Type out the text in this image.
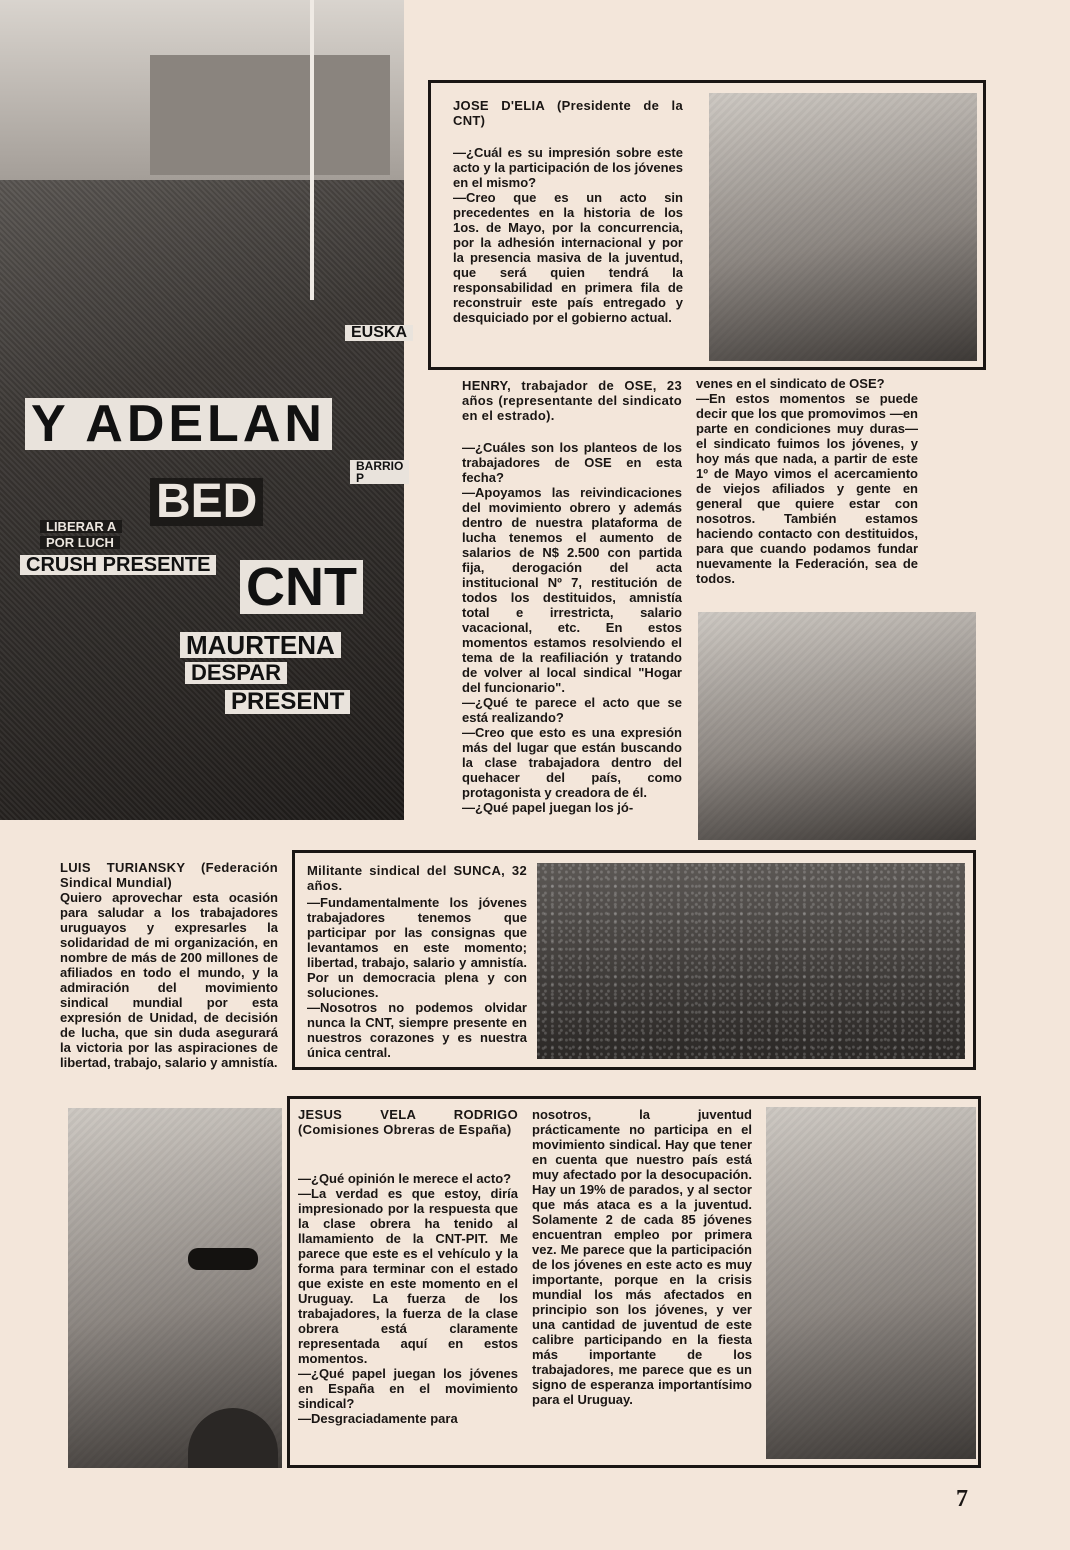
Y ADELAN
BED
CNT
CRUSH PRESENTE
MAURTENA
DESPAR
PRESENT
LIBERAR A
POR LUCH
EUSKA
BARRIO P
JOSE D'ELIA (Presidente de la CNT)
—¿Cuál es su impresión sobre este acto y la participación de los jóvenes en el mismo?
—Creo que es un acto sin precedentes en la historia de los 1os. de Mayo, por la concurrencia, por la adhesión internacional y por la presencia masiva de la juventud, que será quien tendrá la responsabilidad en primera fila de reconstruir este país entregado y desquiciado por el gobierno actual.
HENRY, trabajador de OSE, 23 años (representante del sindicato en el estrado).
—¿Cuáles son los planteos de los trabajadores de OSE en esta fecha?
—Apoyamos las reivindicaciones del movimiento obrero y además dentro de nuestra plataforma de lucha tenemos el aumento de salarios de N$ 2.500 con partida fija, derogación del acta institucional Nº 7, restitución de todos los destituidos, amnistía total e irrestricta, salario vacacional, etc. En estos momentos estamos resolviendo el tema de la reafiliación y tratando de volver al local sindical "Hogar del funcionario".
—¿Qué te parece el acto que se está realizando?
—Creo que esto es una expresión más del lugar que están buscando la clase trabajadora dentro del quehacer del país, como protagonista y creadora de él.
—¿Qué papel juegan los jó-
venes en el sindicato de OSE?
—En estos momentos se puede decir que los que promovimos —en parte en condiciones muy duras— el sindicato fuimos los jóvenes, y hoy más que nada, a partir de este 1º de Mayo vimos el acercamiento de viejos afiliados y gente en general que quiere estar con nosotros. También estamos haciendo contacto con destituidos, para que cuando podamos fundar nuevamente la Federación, sea de todos.
LUIS TURIANSKY (Federación Sindical Mundial)
Quiero aprovechar esta ocasión para saludar a los trabajadores uruguayos y expresarles la solidaridad de mi organización, en nombre de más de 200 millones de afiliados en todo el mundo, y la admiración del movimiento sindical mundial por esta expresión de Unidad, de decisión de lucha, que sin duda asegurará la victoria por las aspiraciones de libertad, trabajo, salario y amnistía.
Militante sindical del SUNCA, 32 años.
—Fundamentalmente los jóvenes trabajadores tenemos que participar por las consignas que levantamos en este momento; libertad, trabajo, salario y amnistía. Por un democracia plena y con soluciones.
—Nosotros no podemos olvidar nunca la CNT, siempre presente en nuestros corazones y es nuestra única central.
JESUS VELA RODRIGO (Comisiones Obreras de España)
—¿Qué opinión le merece el acto?
—La verdad es que estoy, diría impresionado por la respuesta que la clase obrera ha tenido al llamamiento de la CNT-PIT. Me parece que este es el vehículo y la forma para terminar con el estado que existe en este momento en el Uruguay. La fuerza de los trabajadores, la fuerza de la clase obrera está claramente representada aquí en estos momentos.
—¿Qué papel juegan los jóvenes en España en el movimiento sindical?
—Desgraciadamente para
nosotros, la juventud prácticamente no participa en el movimiento sindical. Hay que tener en cuenta que nuestro país está muy afectado por la desocupación. Hay un 19% de parados, y al sector que más ataca es a la juventud. Solamente 2 de cada 85 jóvenes encuentran empleo por primera vez. Me parece que la participación de los jóvenes en este acto es muy importante, porque en la crisis mundial los más afectados en principio son los jóvenes, y ver una cantidad de juventud de este calibre participando en la fiesta más importante de los trabajadores, me parece que es un signo de esperanza importantísimo para el Uruguay.
7
